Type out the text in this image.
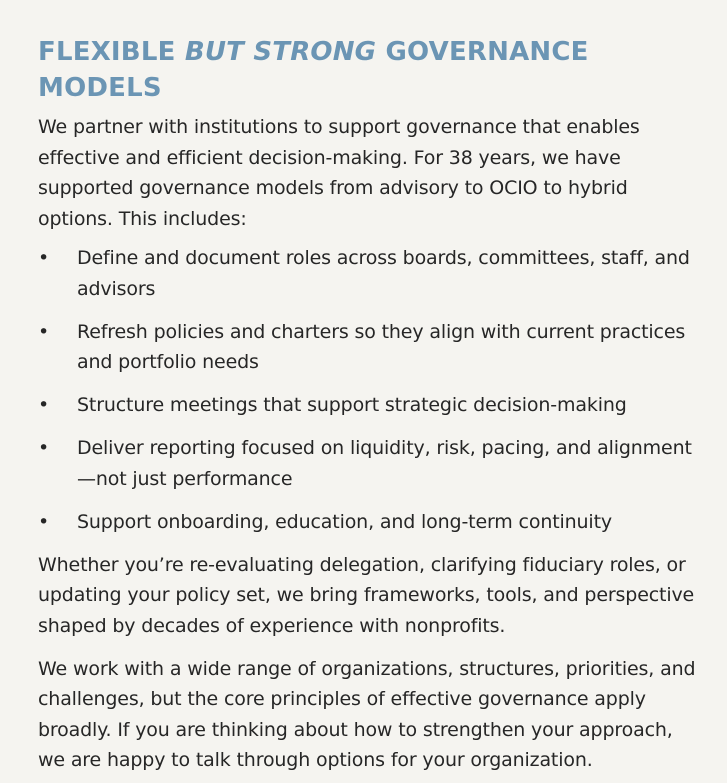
FLEXIBLE BUT STRONG GOVERNANCE MODELS

We partner with institutions to support governance that enables effective and efficient decision-making. For 38 years, we have supported governance models from advisory to OCIO to hybrid options. This includes:

• Define and document roles across boards, committees, staff, and advisors
• Refresh policies and charters so they align with current practices and portfolio needs
• Structure meetings that support strategic decision-making
• Deliver reporting focused on liquidity, risk, pacing, and alignment—not just performance
• Support onboarding, education, and long-term continuity

Whether you’re re-evaluating delegation, clarifying fiduciary roles, or updating your policy set, we bring frameworks, tools, and perspective shaped by decades of experience with nonprofits.

We work with a wide range of organizations, structures, priorities, and challenges, but the core principles of effective governance apply broadly. If you are thinking about how to strengthen your approach, we are happy to talk through options for your organization.
